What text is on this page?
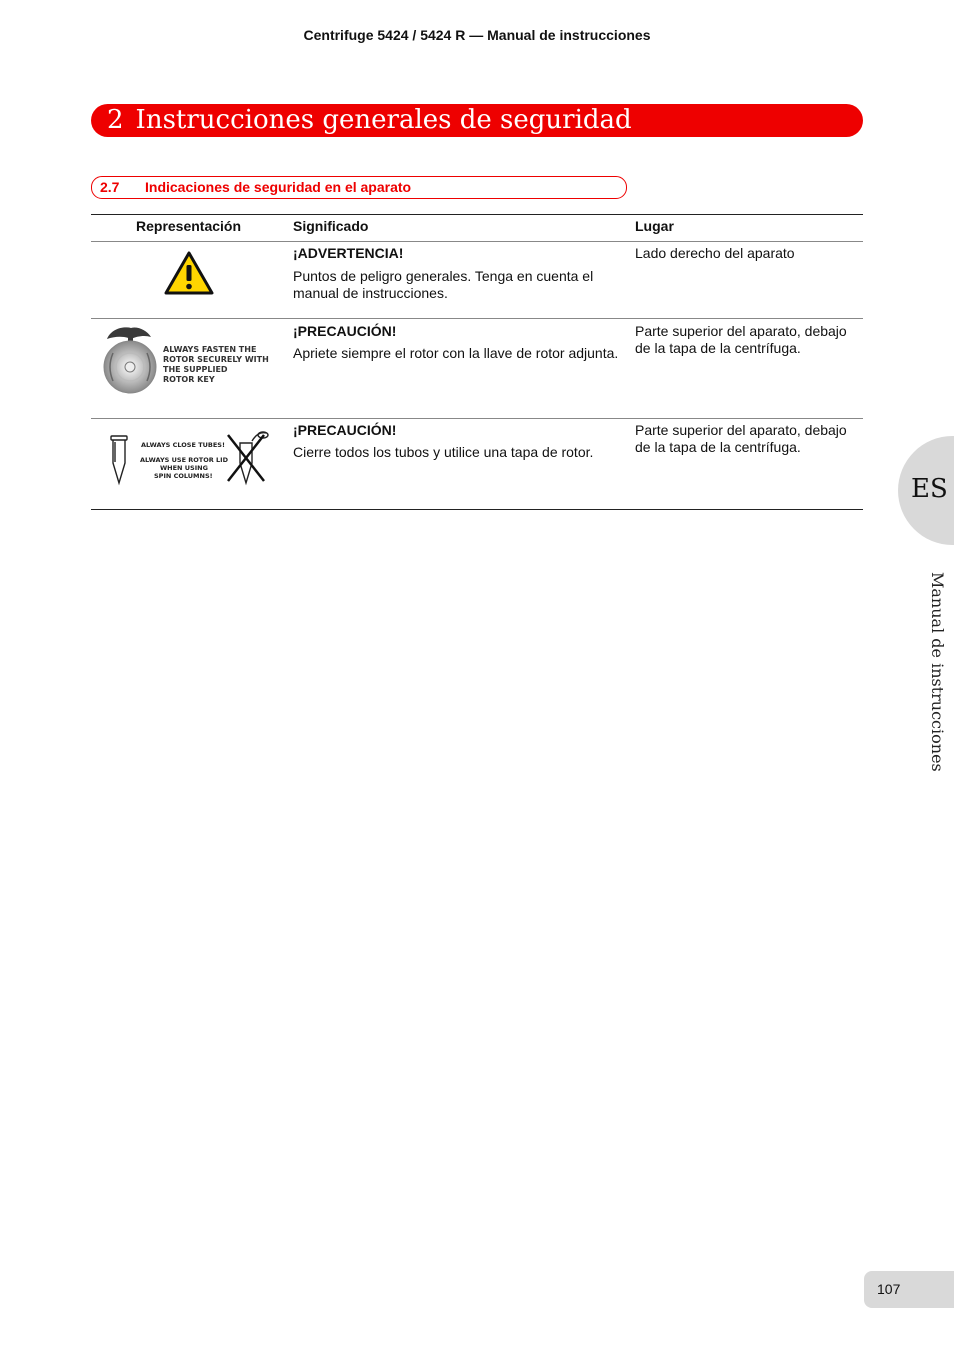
Centrifuge 5424 / 5424 R — Manual de instrucciones
2 Instrucciones generales de seguridad
2.7 Indicaciones de seguridad en el aparato
Representación	Significado	Lugar
¡ADVERTENCIA!
Puntos de peligro generales. Tenga en cuenta el manual de instrucciones.
Lado derecho del aparato
ALWAYS FASTEN THE
ROTOR SECURELY WITH
THE SUPPLIED
ROTOR KEY
¡PRECAUCIÓN!
Apriete siempre el rotor con la llave de rotor adjunta.
Parte superior del aparato, debajo de la tapa de la centrífuga.
ALWAYS CLOSE TUBES!
ALWAYS USE ROTOR LID
WHEN USING
SPIN COLUMNS!
¡PRECAUCIÓN!
Cierre todos los tubos y utilice una tapa de rotor.
Parte superior del aparato, debajo de la tapa de la centrífuga.
ES
Manual de instrucciones
107
